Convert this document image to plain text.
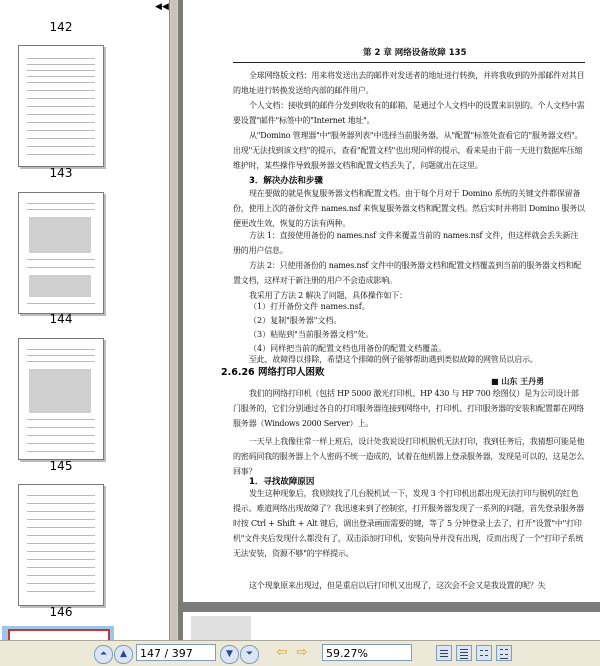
◀◀
142
143
144
145
146
第 2 章 网络设备故障 135
全球网络版文档：用来将发送出去的邮件对发送者的地址进行转换，并将我收到的外部邮件对其目的地址进行转换发送给内部的邮件用户。
个人文档：接收到的邮件分发到收收有的邮箱，是通过个人文档中的设置来识别的。个人文档中需要设置"邮件"标签中的"Internet 地址"。
从"Domino 管理器"中"服务器列表"中选择当前服务器，从"配置"标签处查看它的"服务器文档"。出现"无法找到该文档"的提示，查看"配置文档"也出现同样的提示，看来是由于前一天进行数据库压缩维护时，某些操作导致服务器文档和配置文档丢失了，问题就出在这里。
3．解决办法和步骤
现在要做的就是恢复服务器文档和配置文档。由于每个月对于 Domino 系统的关键文件都保留备份，使用上次的备份文件 names.nsf 来恢复服务器文档和配置文档。然后实时并将旧 Domino 服务以便更改生效，恢复的方法有两种。
方法 1：直接使用备份的 names.nsf 文件来覆盖当前的 names.nsf 文件，但这样就会丢失新注册的用户信息。
方法 2：只使用备份的 names.nsf 文件中的服务器文档和配置文档覆盖到当前的服务器文档和配置文档，这样对于新注册的用户不会造成影响。
我采用了方法 2 解决了问题，具体操作如下：
（1）打开备份文件 names.nsf。
（2）复制"服务器"文档。
（3）粘贴到"当前服务器文档"处。
（4）同样把当前的配置文档也用备份的配置文档覆盖。
至此，故障得以排除，希望这个排障的例子能够帮助遇到类似故障的网管员以启示。
2.6.26 网络打印人困败
■ 山东 王丹勇
我们的网络打印机（包括 HP 5000 激光打印机、HP 430 与 HP 700 绘图仪）是为公司设计部门服务的，它们分别通过各自的打印服务器连接到网络中，打印机、打印服务器的安装和配置都在网络服务器（Windows 2000 Server）上。
一天早上我像往常一样上班后，设计处我说设打印机脱机无法打印，我到任务后，我猜想可能是他的密码同我的服务器上个人密码不统一造成的，试着在他机器上登录服务器，发现是可以的，这是怎么回事？
1．寻找故障原因
发生这种现象后，我则续找了几台脱机试一下，发现 3 个打印机出都出现无法打印与脱机的红色提示。难道网络出现故障了？我迅速来到了控制室，打开服务器发现了一系列的问题，首先登录服务器时按 Ctrl + Shift + Alt 键后，调出登录画面需要的键，等了 5 分钟登录上去了，打开"设置"中"打印机"文件夹后发现什么都没有了，双击添加打印机，安装向导并没有出现，反而出现了一个"打印子系统无法安装，资源不够"的字样提示。
这个现象原来出现过，但是重启以后打印机又出现了，这次会不会又是我设置的呢？失
⏶	▲	147 / 397	▼	⏷	⇦ ⇨	59.27%
